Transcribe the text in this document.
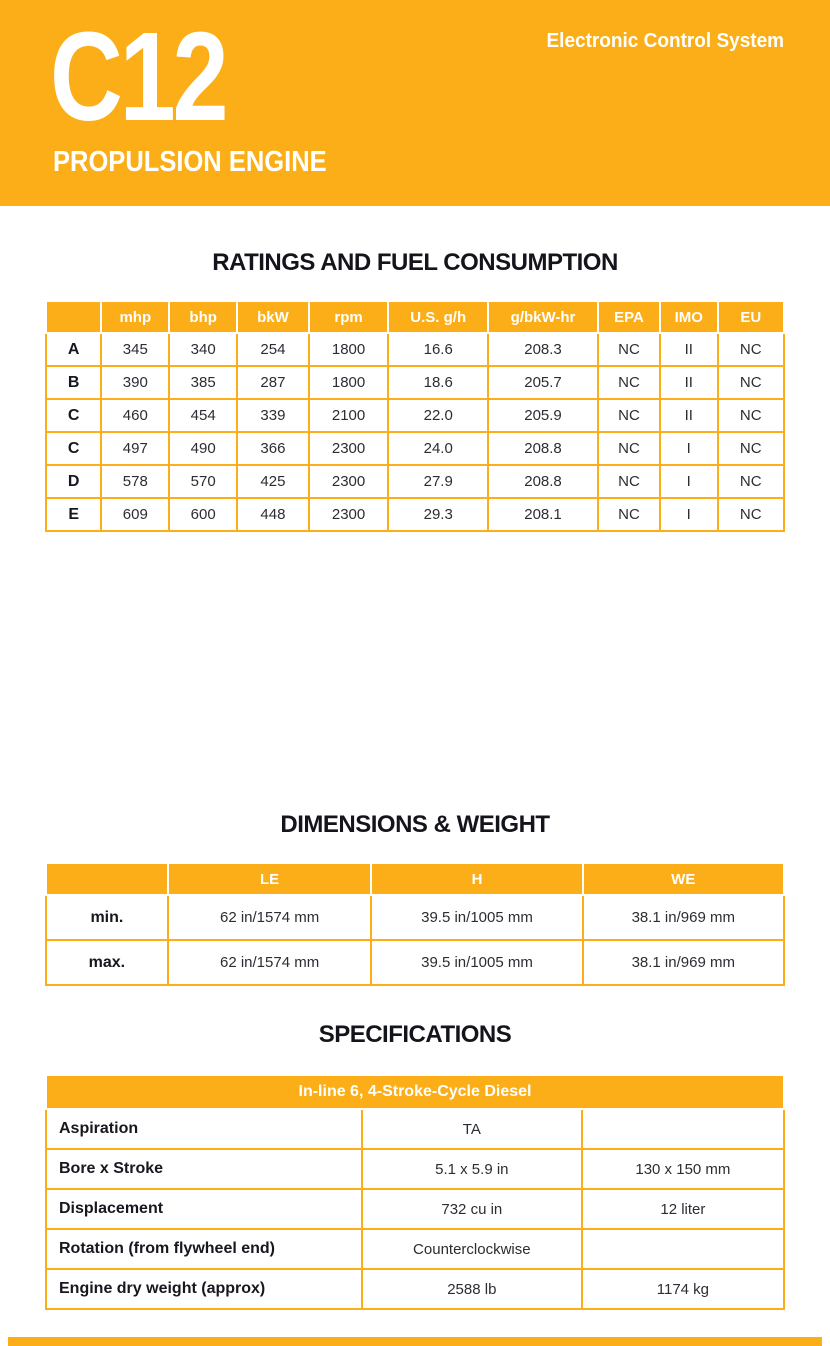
C12
PROPULSION ENGINE
Electronic Control System
RATINGS AND FUEL CONSUMPTION
	mhp	bhp	bkW	rpm	U.S. g/h	g/bkW-hr	EPA	IMO	EU
A	345	340	254	1800	16.6	208.3	NC	II	NC
B	390	385	287	1800	18.6	205.7	NC	II	NC
C	460	454	339	2100	22.0	205.9	NC	II	NC
C	497	490	366	2300	24.0	208.8	NC	I	NC
D	578	570	425	2300	27.9	208.8	NC	I	NC
E	609	600	448	2300	29.3	208.1	NC	I	NC
DIMENSIONS & WEIGHT
	LE	H	WE
min.	62 in/1574 mm	39.5 in/1005 mm	38.1 in/969 mm
max.	62 in/1574 mm	39.5 in/1005 mm	38.1 in/969 mm
SPECIFICATIONS
In-line 6, 4-Stroke-Cycle Diesel		
Aspiration	TA	
Bore x Stroke	5.1 x 5.9 in	130 x 150 mm
Displacement	732 cu in	12 liter
Rotation (from flywheel end)	Counterclockwise	
Engine dry weight (approx)	2588 lb	1174 kg
